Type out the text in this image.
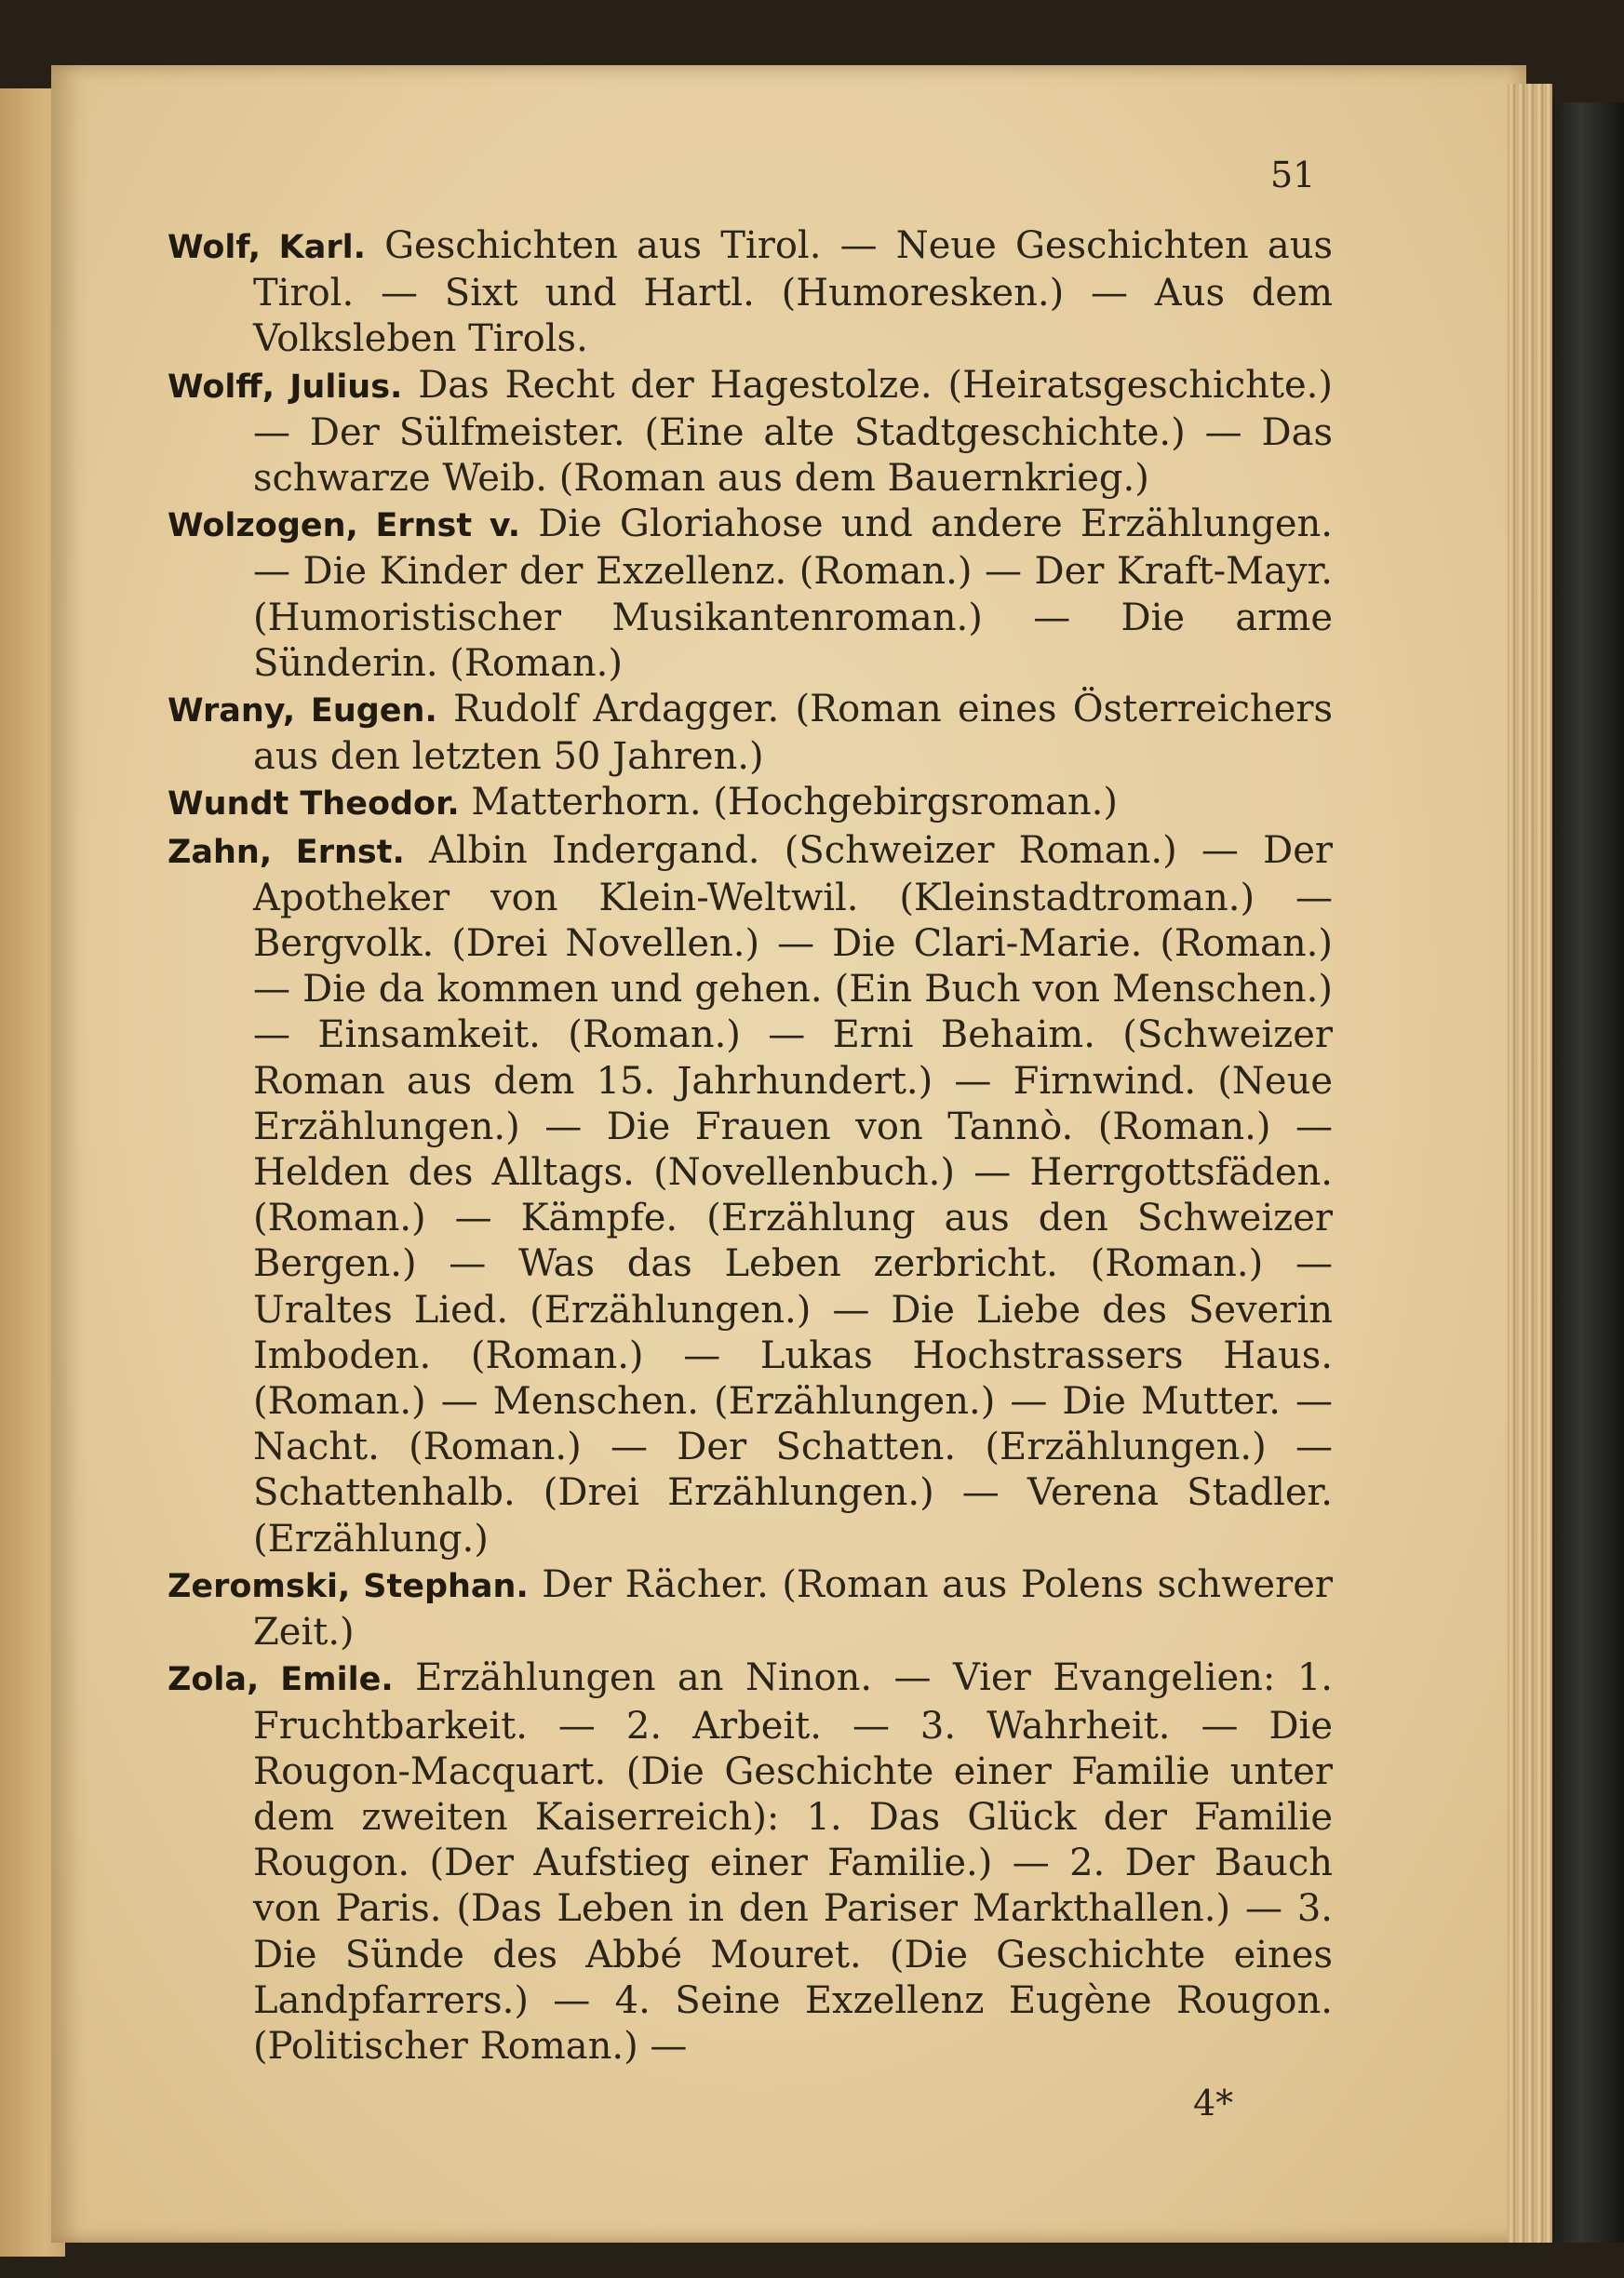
51

Wolf, Karl. Geschichten aus Tirol. — Neue Geschichten aus Tirol. — Sixt und Hartl. (Humoresken.) — Aus dem Volksleben Tirols.
Wolff, Julius. Das Recht der Hagestolze. (Heiratsgeschichte.) — Der Sülfmeister. (Eine alte Stadtgeschichte.) — Das schwarze Weib. (Roman aus dem Bauernkrieg.)
Wolzogen, Ernst v. Die Gloriahose und andere Erzählungen. — Die Kinder der Exzellenz. (Roman.) — Der Kraft-Mayr. (Humoristischer Musikantenroman.) — Die arme Sünderin. (Roman.)
Wrany, Eugen. Rudolf Ardagger. (Roman eines Österreichers aus den letzten 50 Jahren.)
Wundt Theodor. Matterhorn. (Hochgebirgsroman.)
Zahn, Ernst. Albin Indergand. (Schweizer Roman.) — Der Apotheker von Klein-Weltwil. (Kleinstadtroman.) — Bergvolk. (Drei Novellen.) — Die Clari-Marie. (Roman.) — Die da kommen und gehen. (Ein Buch von Menschen.) — Einsamkeit. (Roman.) — Erni Behaim. (Schweizer Roman aus dem 15. Jahrhundert.) — Firnwind. (Neue Erzählungen.) — Die Frauen von Tannò. (Roman.) — Helden des Alltags. (Novellenbuch.) — Herrgottsfäden. (Roman.) — Kämpfe. (Erzählung aus den Schweizer Bergen.) — Was das Leben zerbricht. (Roman.) — Uraltes Lied. (Erzählungen.) — Die Liebe des Severin Imboden. (Roman.) — Lukas Hochstrassers Haus. (Roman.) — Menschen. (Erzählungen.) — Die Mutter. — Nacht. (Roman.) — Der Schatten. (Erzählungen.) — Schattenhalb. (Drei Erzählungen.) — Verena Stadler. (Erzählung.)
Zeromski, Stephan. Der Rächer. (Roman aus Polens schwerer Zeit.)
Zola, Emile. Erzählungen an Ninon. — Vier Evangelien: 1. Fruchtbarkeit. — 2. Arbeit. — 3. Wahrheit. — Die Rougon-Macquart. (Die Geschichte einer Familie unter dem zweiten Kaiserreich): 1. Das Glück der Familie Rougon. (Der Aufstieg einer Familie.) — 2. Der Bauch von Paris. (Das Leben in den Pariser Markthallen.) — 3. Die Sünde des Abbé Mouret. (Die Geschichte eines Landpfarrers.) — 4. Seine Exzellenz Eugène Rougon. (Politischer Roman.) —

4*
